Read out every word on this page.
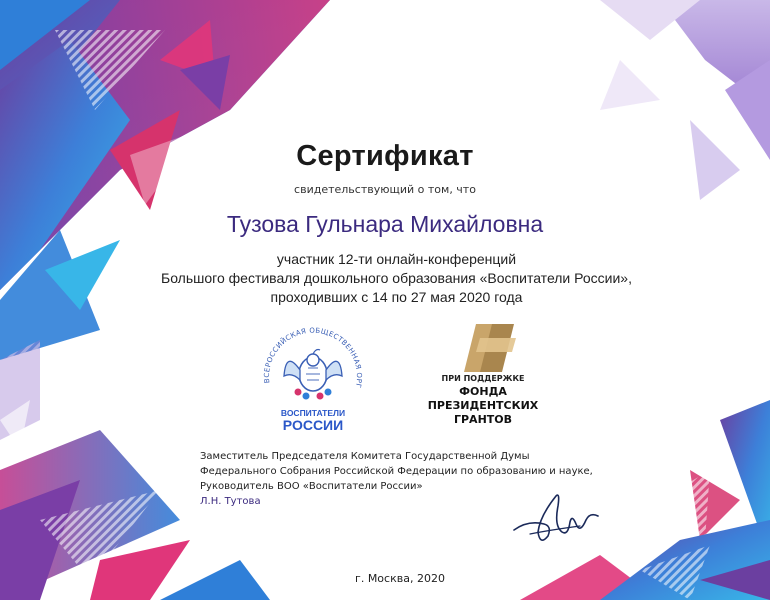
Сертификат
свидетельствующий о том, что
Тузова Гульнара Михайловна
участник 12-ти онлайн-конференций
Большого фестиваля дошкольного образования «Воспитатели России»,
проходивших с 14 по 27 мая 2020 года
ВСЕРОССИЙСКАЯ ОБЩЕСТВЕННАЯ ОРГ
ВОСПИТАТЕЛИ
РОССИИ
ПРИ ПОДДЕРЖКЕ
ФОНДА
ПРЕЗИДЕНТСКИХ
ГРАНТОВ
Заместитель Председателя Комитета Государственной Думы
Федерального Собрания Российской Федерации по образованию и науке,
Руководитель ВОО «Воспитатели России»
Л.Н. Тутова
г. Москва, 2020
